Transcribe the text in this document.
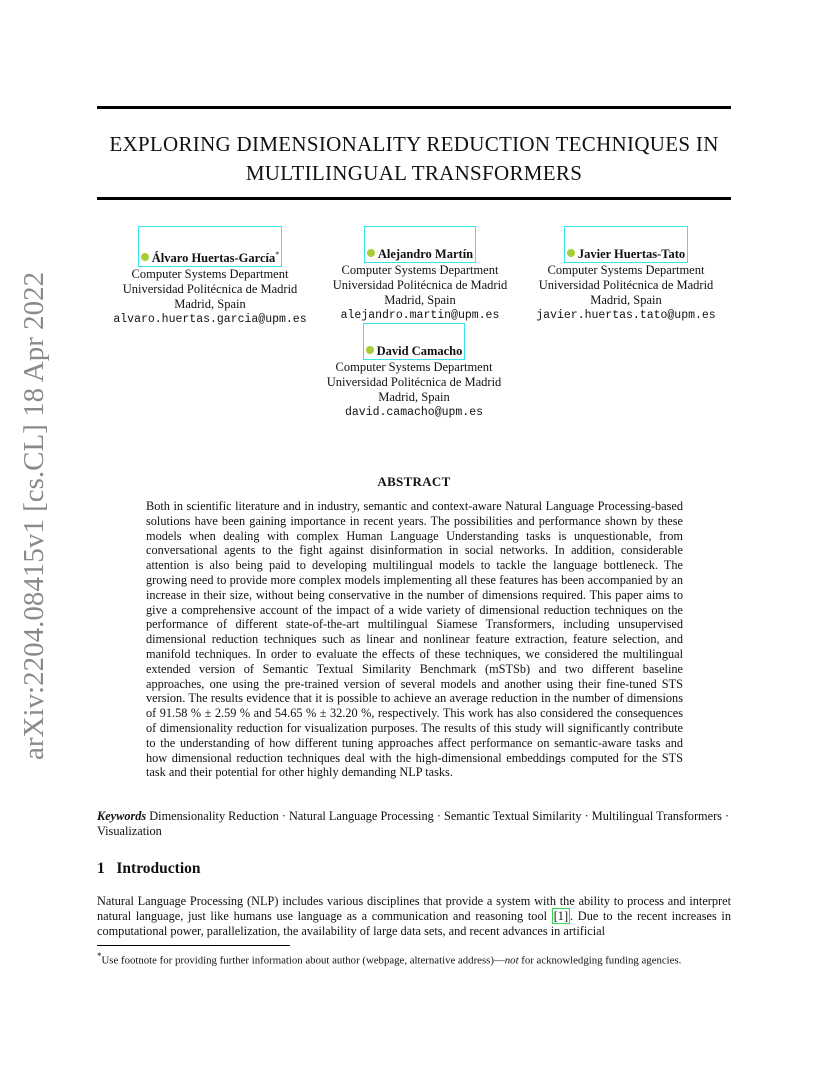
arXiv:2204.08415v1 [cs.CL] 18 Apr 2022
EXPLORING DIMENSIONALITY REDUCTION TECHNIQUES IN
MULTILINGUAL TRANSFORMERS
Álvaro Huertas-García*
Computer Systems Department
Universidad Politécnica de Madrid
Madrid, Spain
alvaro.huertas.garcia@upm.es
Alejandro Martín
Computer Systems Department
Universidad Politécnica de Madrid
Madrid, Spain
alejandro.martin@upm.es
Javier Huertas-Tato
Computer Systems Department
Universidad Politécnica de Madrid
Madrid, Spain
javier.huertas.tato@upm.es
David Camacho
Computer Systems Department
Universidad Politécnica de Madrid
Madrid, Spain
david.camacho@upm.es
ABSTRACT
Both in scientific literature and in industry, semantic and context-aware Natural Language Processing-based solutions have been gaining importance in recent years. The possibilities and performance shown by these models when dealing with complex Human Language Understanding tasks is unquestionable, from conversational agents to the fight against disinformation in social networks. In addition, considerable attention is also being paid to developing multilingual models to tackle the language bottleneck. The growing need to provide more complex models implementing all these features has been accompanied by an increase in their size, without being conservative in the number of dimensions required. This paper aims to give a comprehensive account of the impact of a wide variety of dimensional reduction techniques on the performance of different state-of-the-art multilingual Siamese Transformers, including unsupervised dimensional reduction techniques such as linear and nonlinear feature extraction, feature selection, and manifold techniques. In order to evaluate the effects of these techniques, we considered the multilingual extended version of Semantic Textual Similarity Benchmark (mSTSb) and two different baseline approaches, one using the pre-trained version of several models and another using their fine-tuned STS version. The results evidence that it is possible to achieve an average reduction in the number of dimensions of 91.58 % ± 2.59 % and 54.65 % ± 32.20 %, respectively. This work has also considered the consequences of dimensionality reduction for visualization purposes. The results of this study will significantly contribute to the understanding of how different tuning approaches affect performance on semantic-aware tasks and how dimensional reduction techniques deal with the high-dimensional embeddings computed for the STS task and their potential for other highly demanding NLP tasks.
Keywords Dimensionality Reduction · Natural Language Processing · Semantic Textual Similarity · Multilingual Transformers · Visualization
1 Introduction
Natural Language Processing (NLP) includes various disciplines that provide a system with the ability to process and interpret natural language, just like humans use language as a communication and reasoning tool [1] . Due to the recent increases in computational power, parallelization, the availability of large data sets, and recent advances in artificial
*Use footnote for providing further information about author (webpage, alternative address)—not for acknowledging funding agencies.
